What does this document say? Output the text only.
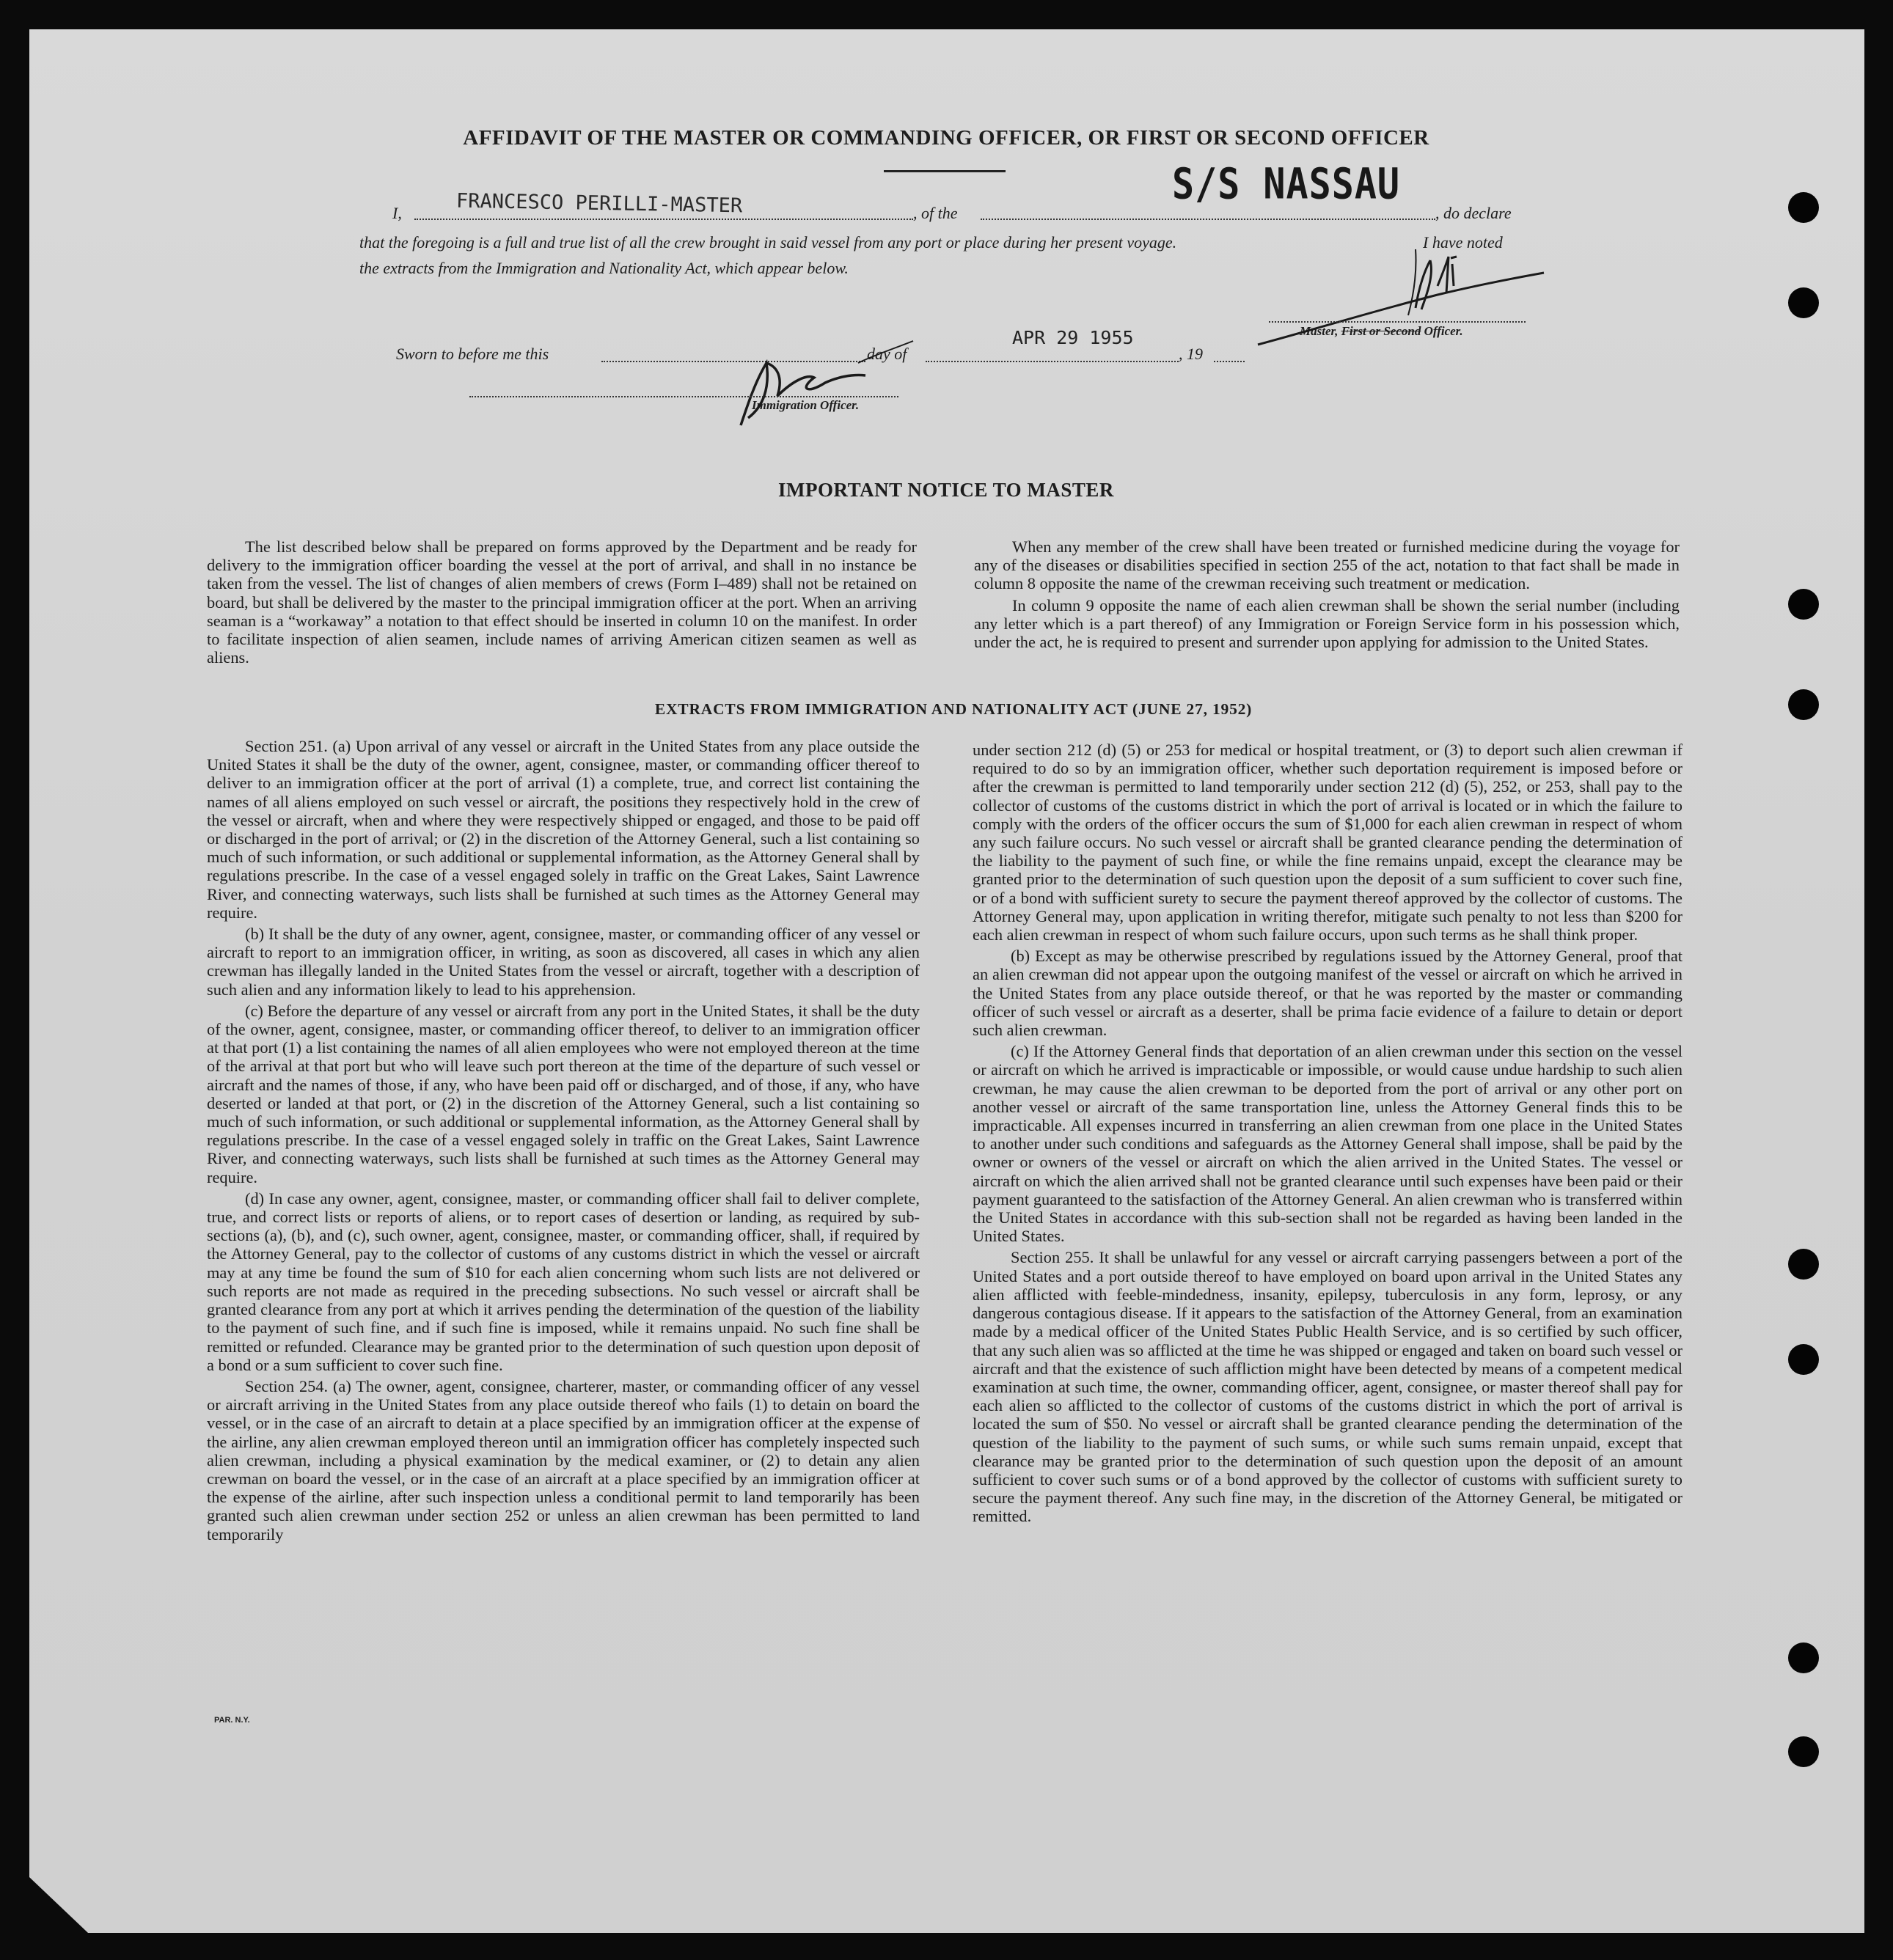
AFFIDAVIT OF THE MASTER OR COMMANDING OFFICER, OR FIRST OR SECOND OFFICER
I,	FRANCESCO PERILLI-MASTER	, of the
S/S NASSAU
, do declare
that the foregoing is a full and true list of all the crew brought in said vessel from any port or place during her present voyage.	I have noted
the extracts from the Immigration and Nationality Act, which appear below.
Master, First or Second Officer.
Sworn to before me this	day of
APR 29 1955
, 19
Immigration Officer.
IMPORTANT NOTICE TO MASTER

The list described below shall be prepared on forms approved by the Department and be ready for delivery to the immigration officer boarding the vessel at the port of arrival, and shall in no instance be taken from the vessel. The list of changes of alien members of crews (Form I–489) shall not be retained on board, but shall be delivered by the master to the principal immigration officer at the port. When an arriving seaman is a “workaway” a notation to that effect should be inserted in column 10 on the manifest. In order to facilitate inspection of alien seamen, include names of arriving American citizen seamen as well as aliens.

When any member of the crew shall have been treated or furnished medicine during the voyage for any of the diseases or disabilities specified in section 255 of the act, notation to that fact shall be made in column 8 opposite the name of the crewman receiving such treatment or medication.

In column 9 opposite the name of each alien crewman shall be shown the serial number (including any letter which is a part thereof) of any Immigration or Foreign Service form in his possession which, under the act, he is required to present and surrender upon applying for admission to the United States.

EXTRACTS FROM IMMIGRATION AND NATIONALITY ACT (JUNE 27, 1952)

Section 251. (a) Upon arrival of any vessel or aircraft in the United States from any place outside the United States it shall be the duty of the owner, agent, consignee, master, or commanding officer thereof to deliver to an immigration officer at the port of arrival (1) a complete, true, and correct list containing the names of all aliens employed on such vessel or aircraft, the positions they respectively hold in the crew of the vessel or aircraft, when and where they were respectively shipped or engaged, and those to be paid off or discharged in the port of arrival; or (2) in the discretion of the Attorney General, such a list containing so much of such information, or such additional or supplemental information, as the Attorney General shall by regulations prescribe. In the case of a vessel engaged solely in traffic on the Great Lakes, Saint Lawrence River, and connecting waterways, such lists shall be furnished at such times as the Attorney General may require.

(b) It shall be the duty of any owner, agent, consignee, master, or commanding officer of any vessel or aircraft to report to an immigration officer, in writing, as soon as discovered, all cases in which any alien crewman has illegally landed in the United States from the vessel or aircraft, together with a description of such alien and any information likely to lead to his apprehension.

(c) Before the departure of any vessel or aircraft from any port in the United States, it shall be the duty of the owner, agent, consignee, master, or commanding officer thereof, to deliver to an immigration officer at that port (1) a list containing the names of all alien employees who were not employed thereon at the time of the arrival at that port but who will leave such port thereon at the time of the departure of such vessel or aircraft and the names of those, if any, who have been paid off or discharged, and of those, if any, who have deserted or landed at that port, or (2) in the discretion of the Attorney General, such a list containing so much of such information, or such additional or supplemental information, as the Attorney General shall by regulations prescribe. In the case of a vessel engaged solely in traffic on the Great Lakes, Saint Lawrence River, and connecting waterways, such lists shall be furnished at such times as the Attorney General may require.

(d) In case any owner, agent, consignee, master, or commanding officer shall fail to deliver complete, true, and correct lists or reports of aliens, or to report cases of desertion or landing, as required by sub-sections (a), (b), and (c), such owner, agent, consignee, master, or commanding officer, shall, if required by the Attorney General, pay to the collector of customs of any customs district in which the vessel or aircraft may at any time be found the sum of $10 for each alien concerning whom such lists are not delivered or such reports are not made as required in the preceding subsections. No such vessel or aircraft shall be granted clearance from any port at which it arrives pending the determination of the question of the liability to the payment of such fine, and if such fine is imposed, while it remains unpaid. No such fine shall be remitted or refunded. Clearance may be granted prior to the determination of such question upon deposit of a bond or a sum sufficient to cover such fine.

Section 254. (a) The owner, agent, consignee, charterer, master, or commanding officer of any vessel or aircraft arriving in the United States from any place outside thereof who fails (1) to detain on board the vessel, or in the case of an aircraft to detain at a place specified by an immigration officer at the expense of the airline, any alien crewman employed thereon until an immigration officer has completely inspected such alien crewman, including a physical examination by the medical examiner, or (2) to detain any alien crewman on board the vessel, or in the case of an aircraft at a place specified by an immigration officer at the expense of the airline, after such inspection unless a conditional permit to land temporarily has been granted such alien crewman under section 252 or unless an alien crewman has been permitted to land temporarily

under section 212 (d) (5) or 253 for medical or hospital treatment, or (3) to deport such alien crewman if required to do so by an immigration officer, whether such deportation requirement is imposed before or after the crewman is permitted to land temporarily under section 212 (d) (5), 252, or 253, shall pay to the collector of customs of the customs district in which the port of arrival is located or in which the failure to comply with the orders of the officer occurs the sum of $1,000 for each alien crewman in respect of whom any such failure occurs. No such vessel or aircraft shall be granted clearance pending the determination of the liability to the payment of such fine, or while the fine remains unpaid, except the clearance may be granted prior to the determination of such question upon the deposit of a sum sufficient to cover such fine, or of a bond with sufficient surety to secure the payment thereof approved by the collector of customs. The Attorney General may, upon application in writing therefor, mitigate such penalty to not less than $200 for each alien crewman in respect of whom such failure occurs, upon such terms as he shall think proper.

(b) Except as may be otherwise prescribed by regulations issued by the Attorney General, proof that an alien crewman did not appear upon the outgoing manifest of the vessel or aircraft on which he arrived in the United States from any place outside thereof, or that he was reported by the master or commanding officer of such vessel or aircraft as a deserter, shall be prima facie evidence of a failure to detain or deport such alien crewman.

(c) If the Attorney General finds that deportation of an alien crewman under this section on the vessel or aircraft on which he arrived is impracticable or impossible, or would cause undue hardship to such alien crewman, he may cause the alien crewman to be deported from the port of arrival or any other port on another vessel or aircraft of the same transportation line, unless the Attorney General finds this to be impracticable. All expenses incurred in transferring an alien crewman from one place in the United States to another under such conditions and safeguards as the Attorney General shall impose, shall be paid by the owner or owners of the vessel or aircraft on which the alien arrived in the United States. The vessel or aircraft on which the alien arrived shall not be granted clearance until such expenses have been paid or their payment guaranteed to the satisfaction of the Attorney General. An alien crewman who is transferred within the United States in accordance with this sub-section shall not be regarded as having been landed in the United States.

Section 255. It shall be unlawful for any vessel or aircraft carrying passengers between a port of the United States and a port outside thereof to have employed on board upon arrival in the United States any alien afflicted with feeble-mindedness, insanity, epilepsy, tuberculosis in any form, leprosy, or any dangerous contagious disease. If it appears to the satisfaction of the Attorney General, from an examination made by a medical officer of the United States Public Health Service, and is so certified by such officer, that any such alien was so afflicted at the time he was shipped or engaged and taken on board such vessel or aircraft and that the existence of such affliction might have been detected by means of a competent medical examination at such time, the owner, commanding officer, agent, consignee, or master thereof shall pay for each alien so afflicted to the collector of customs of the customs district in which the port of arrival is located the sum of $50. No vessel or aircraft shall be granted clearance pending the determination of the question of the liability to the payment of such sums, or while such sums remain unpaid, except that clearance may be granted prior to the determination of such question upon the deposit of an amount sufficient to cover such sums or of a bond approved by the collector of customs with sufficient surety to secure the payment thereof. Any such fine may, in the discretion of the Attorney General, be mitigated or remitted.

PAR. N.Y.
